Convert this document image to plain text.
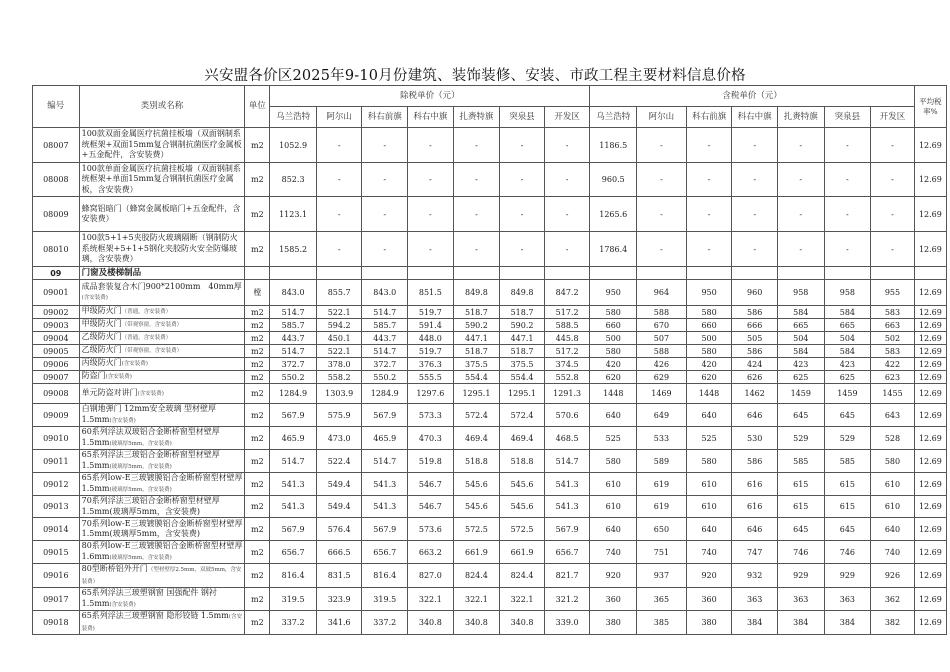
兴安盟各价区2025年9-10月份建筑、装饰装修、安装、市政工程主要材料信息价格
编号	类别或名称	单位	除税单价（元）							含税单价（元）							平均税率%
			乌兰浩特	阿尔山	科右前旗	科右中旗	扎赉特旗	突泉县	开发区	乌兰浩特	阿尔山	科右前旗	科右中旗	扎赉特旗	突泉县	开发区	
08007	100款双面金属医疗抗菌挂板墙（双面钢制系统框架+双面15mm复合钢制抗菌医疗金属板+五金配件，含安装费）	m2	1052.9	-	-	-	-	-	-	1186.5	-	-	-	-	-	-	12.69
08008	100款单面金属医疗抗菌挂板墙（双面钢制系统框架+单面15mm复合钢制抗菌医疗金属板，含安装费）	m2	852.3	-	-	-	-	-	-	960.5	-	-	-	-	-	-	12.69
08009	蜂窝铝暗门（蜂窝金属板暗门+五金配件，含安装费）	m2	1123.1	-	-	-	-	-	-	1265.6	-	-	-	-	-	-	12.69
08010	100款5+1+5夹胶防火玻璃隔断（钢制防火系统框架+5+1+5钢化夹胶防火安全防爆玻璃，含安装费）	m2	1585.2	-	-	-	-	-	-	1786.4	-	-	-	-	-	-	12.69
09	门窗及楼梯制品																
09001	成品套装复合木门900*2100mm　40mm厚(含安装费)	樘	843.0	855.7	843.0	851.5	849.8	849.8	847.2	950	964	950	960	958	958	955	12.69
09002	甲级防火门（普通，含安装费）	m2	514.7	522.1	514.7	519.7	518.7	518.7	517.2	580	588	580	586	584	584	583	12.69
09003	甲级防火门（带观察窗，含安装费）	m2	585.7	594.2	585.7	591.4	590.2	590.2	588.5	660	670	660	666	665	665	663	12.69
09004	乙级防火门（普通，含安装费）	m2	443.7	450.1	443.7	448.0	447.1	447.1	445.8	500	507	500	505	504	504	502	12.69
09005	乙级防火门（带观察窗，含安装费）	m2	514.7	522.1	514.7	519.7	518.7	518.7	517.2	580	588	580	586	584	584	583	12.69
09006	丙级防火门(含安装费)	m2	372.7	378.0	372.7	376.3	375.5	375.5	374.5	420	426	420	424	423	423	422	12.69
09007	防盗门(含安装费)	m2	550.2	558.2	550.2	555.5	554.4	554.4	552.8	620	629	620	626	625	625	623	12.69
09008	单元防盗对讲门(含安装费)	m2	1284.9	1303.9	1284.9	1297.6	1295.1	1295.1	1291.3	1448	1469	1448	1462	1459	1459	1455	12.69
09009	白钢地弹门 12mm安全玻璃 型材壁厚1.5mm(含安装费)	m2	567.9	575.9	567.9	573.3	572.4	572.4	570.6	640	649	640	646	645	645	643	12.69
09010	60系列浮法双玻铝合金断桥窗型材壁厚1.5mm(玻璃厚5mm，含安装费)	m2	465.9	473.0	465.9	470.3	469.4	469.4	468.5	525	533	525	530	529	529	528	12.69
09011	65系列浮法三玻铝合金断桥窗型材壁厚1.5mm(玻璃厚5mm，含安装费)	m2	514.7	522.4	514.7	519.8	518.8	518.8	514.7	580	589	580	586	585	585	580	12.69
09012	65系列low-E三玻镀膜铝合金断桥窗型材壁厚1.5mm(玻璃厚5mm，含安装费)	m2	541.3	549.4	541.3	546.7	545.6	545.6	541.3	610	619	610	616	615	615	610	12.69
09013	70系列浮法三玻铝合金断桥窗型材壁厚1.5mm(玻璃厚5mm，含安装费)	m2	541.3	549.4	541.3	546.7	545.6	545.6	541.3	610	619	610	616	615	615	610	12.69
09014	70系列low-E三玻镀膜铝合金断桥窗型材壁厚1.5mm(玻璃厚5mm，含安装费)	m2	567.9	576.4	567.9	573.6	572.5	572.5	567.9	640	650	640	646	645	645	640	12.69
09015	80系列low-E三玻镀膜铝合金断桥窗型材壁厚1.6mm(玻璃厚5mm，含安装费)	m2	656.7	666.5	656.7	663.2	661.9	661.9	656.7	740	751	740	747	746	746	740	12.69
09016	80型断桥铝外开门（型材壁厚2.5mm，双玻5mm，含安装费）	m2	816.4	831.5	816.4	827.0	824.4	824.4	821.7	920	937	920	932	929	929	926	12.69
09017	65系列浮法三玻塑钢窗 国强配件 钢衬1.5mm(含安装费)	m2	319.5	323.9	319.5	322.1	322.1	322.1	321.2	360	365	360	363	363	363	362	12.69
09018	65系列浮法三玻塑钢窗 隐形铰链 1.5mm(含安装费)	m2	337.2	341.6	337.2	340.8	340.8	340.8	339.0	380	385	380	384	384	384	382	12.69
